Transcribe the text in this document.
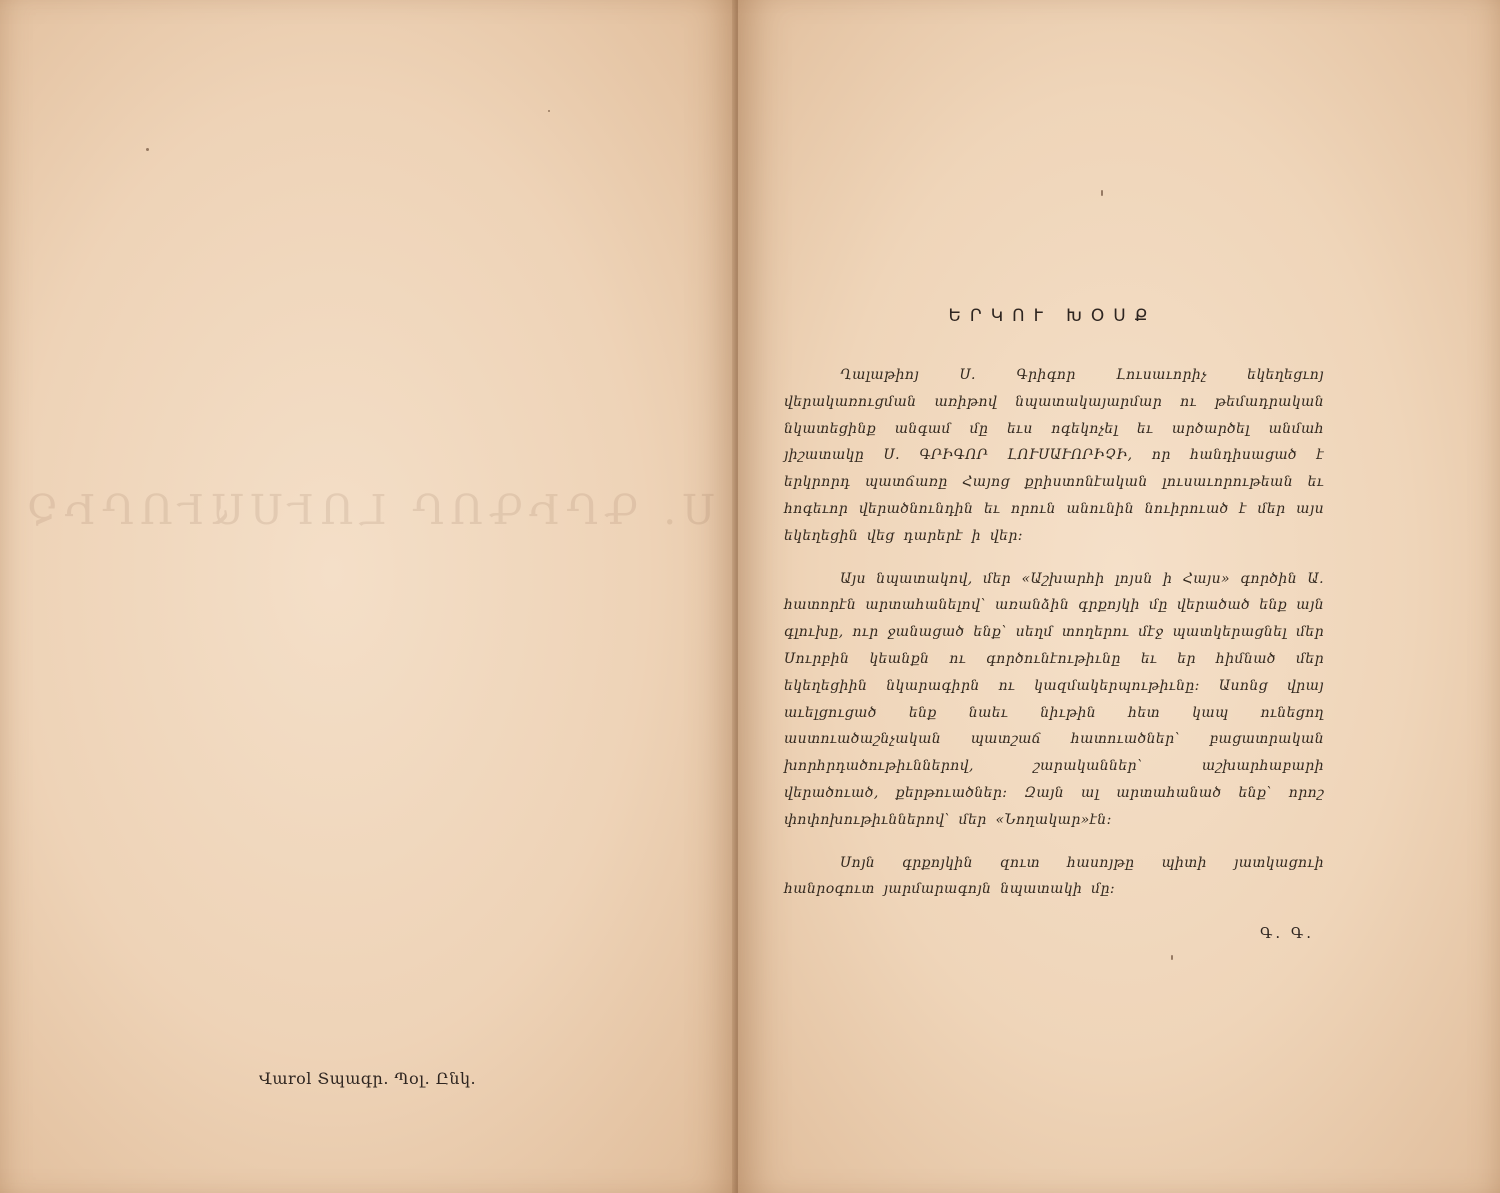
Ս. ԳՐԻԳՈՐ ԼՈՒՍԱՒՈՐԻՉ
Վաrol Տպագր. Պօլ. Ընկ.
ԵՐԿՈՒ ԽՕՍՔ

Ղալաթիոյ Ս. Գրիգոր Լուսաւորիչ եկեղեցւոյ վերակառուցման առիթով նպատակայարմար ու թեմադրական նկատեցինք անգամ մը եւս ոգեկոչել եւ արծարծել անմահ յիշատակը Ս. ԳՐԻԳՈՐ ԼՈՒՍԱՒՈՐԻՉԻ, որ հանդիսացած է երկրորդ պատճառը Հայոց քրիստոնէական լուսաւորութեան եւ հոգեւոր վերածնունդին եւ որուն անունին նուիրուած է մեր այս եկեղեցին վեց դարերէ ի վեր:

Այս նպատակով, մեր «Աշխարհի լոյսն ի Հայս» գործին Ա. հատորէն արտահանելով՝ առանձին գրքոյկի մը վերածած ենք այն գլուխը, ուր ջանացած ենք՝ սեղմ տողերու մէջ պատկերացնել մեր Սուրբին կեանքն ու գործունէութիւնը եւ եր հիմնած մեր եկեղեցիին նկարագիրն ու կազմակերպութիւնը: Ասոնց վրայ աւելցուցած ենք նաեւ նիւթին հետ կապ ունեցող աստուածաշնչական պատշաճ հատուածներ՝ բացատրական խորհրդածութիւններով, շարականներ՝ աշխարհաբարի վերածուած, քերթուածներ: Զայն ալ արտահանած ենք՝ որոշ փոփոխութիւններով՝ մեր «Նողակար»էն:

Սոյն գրքոյկին զուտ հասոյթը պիտի յատկացուի հանրօգուտ յարմարագոյն նպատակի մը:

Գ. Գ.
